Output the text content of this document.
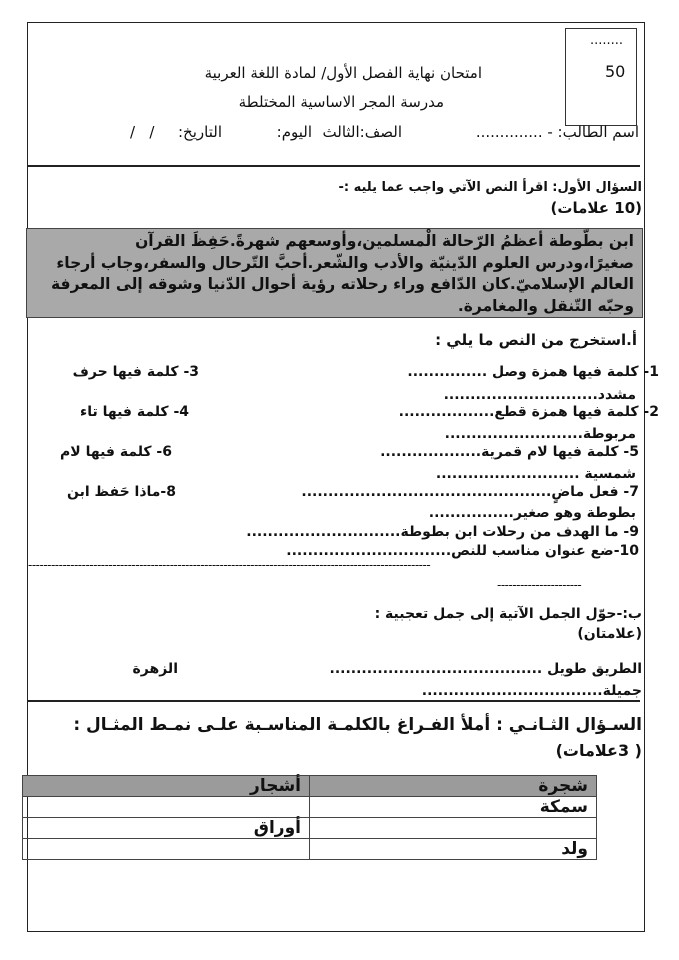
........
50
امتحان نهاية الفصل الأول/ لمادة اللغة العربية
مدرسة المجر الاساسية المختلطة
اسم الطالب: - ..............
الصف:الثالث
اليوم:
التاريخ:
/   /
السؤال الأول: اقرأ النص الآتي واجب عما يليه :-
(10 علامات)
ابن بطّوطة أعظمُ الرّحالة الْمسلمين،وأوسعهم شهرةً.حَفِظَ القرآن
صغيرًا،ودرس العلوم الدّينيّة والأدب والشّعر.أحبَّ التّرحال والسفر،وجاب أرجاء
العالم الإسلاميّ.كان الدّافع وراء رحلاته رؤية أحوال الدّنيا وشوقه إلى المعرفة
وحبّه التّنقل والمغامرة.
أ.استخرج من النص ما يلي :
1- كلمة فيها همزة وصل ...............
3- كلمة فيها حرف
مشدد.............................
2- كلمة فيها همزة قطع..................
4- كلمة فيها تاء
مربوطة..........................
5- كلمة فيها لام قمرية...................
6- كلمة فيها لام
شمسية ...........................
7- فعل ماضٍ...............................................
8-ماذا حَفظ ابن
بطوطة وهو صغير................
9- ما الهدف من رحلات ابن بطوطة.............................
10-ضع عنوان مناسب للنص...............................
---------------------------------------------------------------------------------------------------------
----------------------
ب:-حوّل الجمل الآتية إلى جمل تعجبية :
(علامتان)
الطريق طويل ........................................
الزهرة
جميلة..................................
السـؤال الثـانـي : أملأ الفـراغ بالكلمـة المناسـبة علـى نمـط المثـال :
( 3علامات)
شجرة	أشجار
سمكة	
	أوراق
ولد	
